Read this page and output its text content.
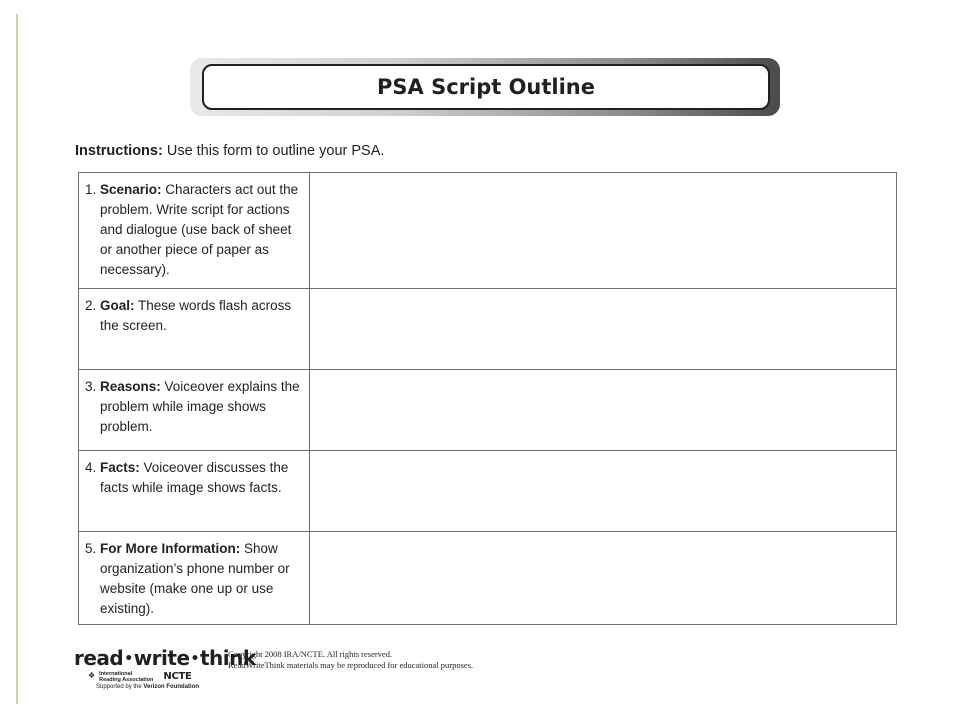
PSA Script Outline
Instructions: Use this form to outline your PSA.
1. Scenario: Characters act out the problem. Write script for actions and dialogue (use back of sheet or another piece of paper as necessary).	

2. Goal: These words flash across the screen.	

3. Reasons: Voiceover explains the problem while image shows problem.	

4. Facts: Voiceover discusses the facts while image shows facts.	

5. For More Information: Show organization’s phone number or website (make one up or use existing).	

read•write•think
❖ International
Reading Association NCTE
Supported by the Verizon Foundation
Copyright 2008 IRA/NCTE. All rights reserved.
ReadWriteThink materials may be reproduced for educational purposes.
